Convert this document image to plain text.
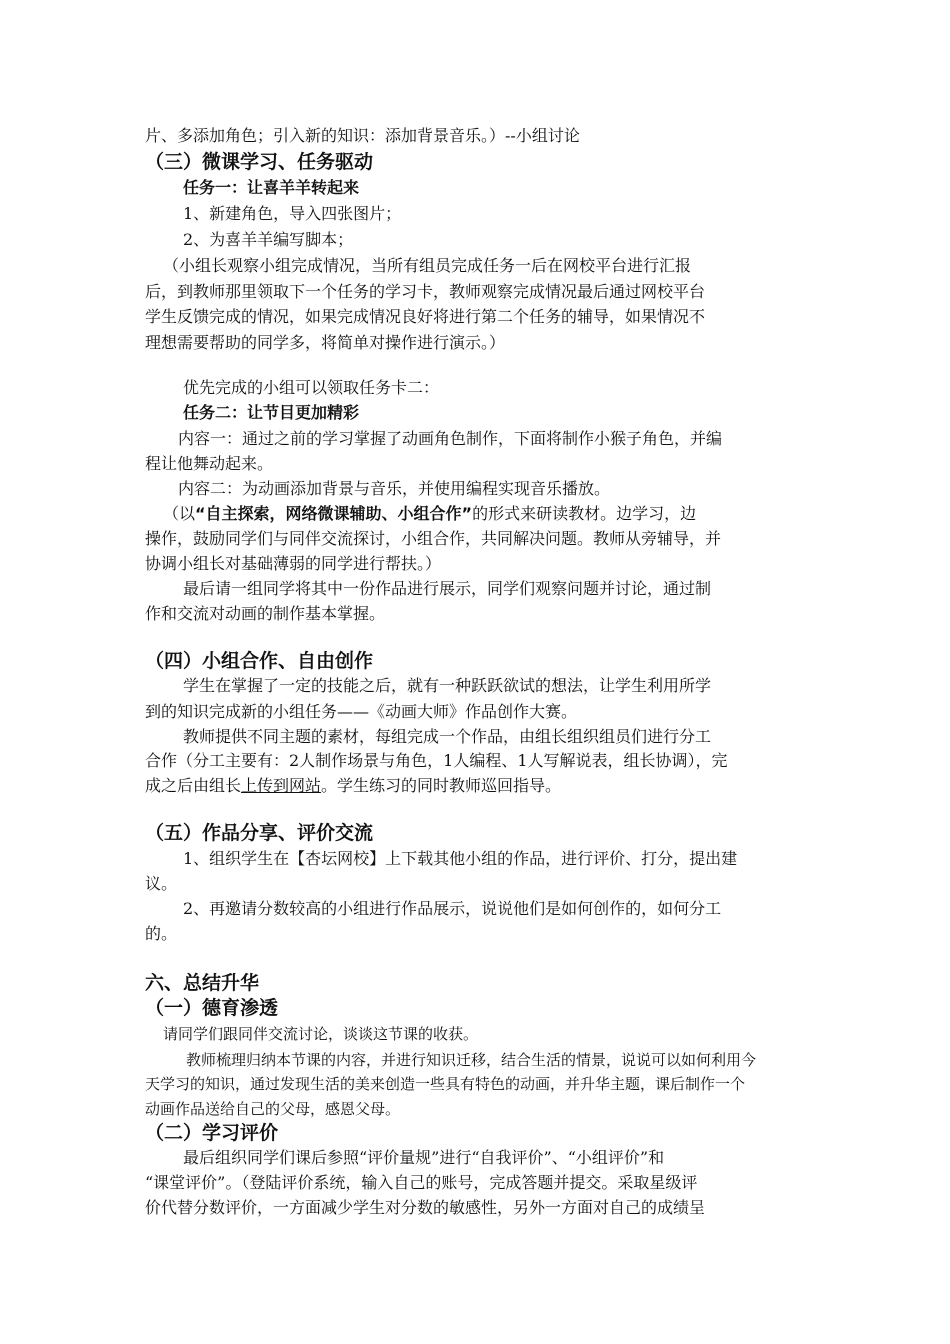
片、多添加角色；引入新的知识：添加背景音乐。）--小组讨论
（三）微课学习、任务驱动
任务一：让喜羊羊转起来
1、新建角色，导入四张图片；
2、为喜羊羊编写脚本；
（小组长观察小组完成情况，当所有组员完成任务一后在网校平台进行汇报
后，到教师那里领取下一个任务的学习卡，教师观察完成情况最后通过网校平台
学生反馈完成的情况，如果完成情况良好将进行第二个任务的辅导，如果情况不
理想需要帮助的同学多，将简单对操作进行演示。）
优先完成的小组可以领取任务卡二：
任务二：让节目更加精彩
内容一：通过之前的学习掌握了动画角色制作，下面将制作小猴子角色，并编
程让他舞动起来。
内容二：为动画添加背景与音乐，并使用编程实现音乐播放。
（以“自主探索，网络微课辅助、小组合作”的形式来研读教材。边学习，边
操作，鼓励同学们与同伴交流探讨，小组合作，共同解决问题。教师从旁辅导，并
协调小组长对基础薄弱的同学进行帮扶。）
最后请一组同学将其中一份作品进行展示，同学们观察问题并讨论，通过制
作和交流对动画的制作基本掌握。
（四）小组合作、自由创作
学生在掌握了一定的技能之后，就有一种跃跃欲试的想法，让学生利用所学
到的知识完成新的小组任务——《动画大师》作品创作大赛。
教师提供不同主题的素材，每组完成一个作品，由组长组织组员们进行分工
合作（分工主要有：2人制作场景与角色，1人编程、1人写解说表，组长协调），完
成之后由组长上传到网站。学生练习的同时教师巡回指导。
（五）作品分享、评价交流
1、组织学生在【杏坛网校】上下载其他小组的作品，进行评价、打分，提出建
议。
2、再邀请分数较高的小组进行作品展示，说说他们是如何创作的，如何分工
的。
六、总结升华
（一）德育渗透
请同学们跟同伴交流讨论，谈谈这节课的收获。
教师梳理归纳本节课的内容，并进行知识迁移，结合生活的情景，说说可以如何利用今
天学习的知识，通过发现生活的美来创造一些具有特色的动画，并升华主题，课后制作一个
动画作品送给自己的父母，感恩父母。
（二）学习评价
最后组织同学们课后参照“评价量规”进行“自我评价”、“小组评价”和
“课堂评价”。（登陆评价系统，输入自己的账号，完成答题并提交。采取星级评
价代替分数评价，一方面减少学生对分数的敏感性，另外一方面对自己的成绩呈
